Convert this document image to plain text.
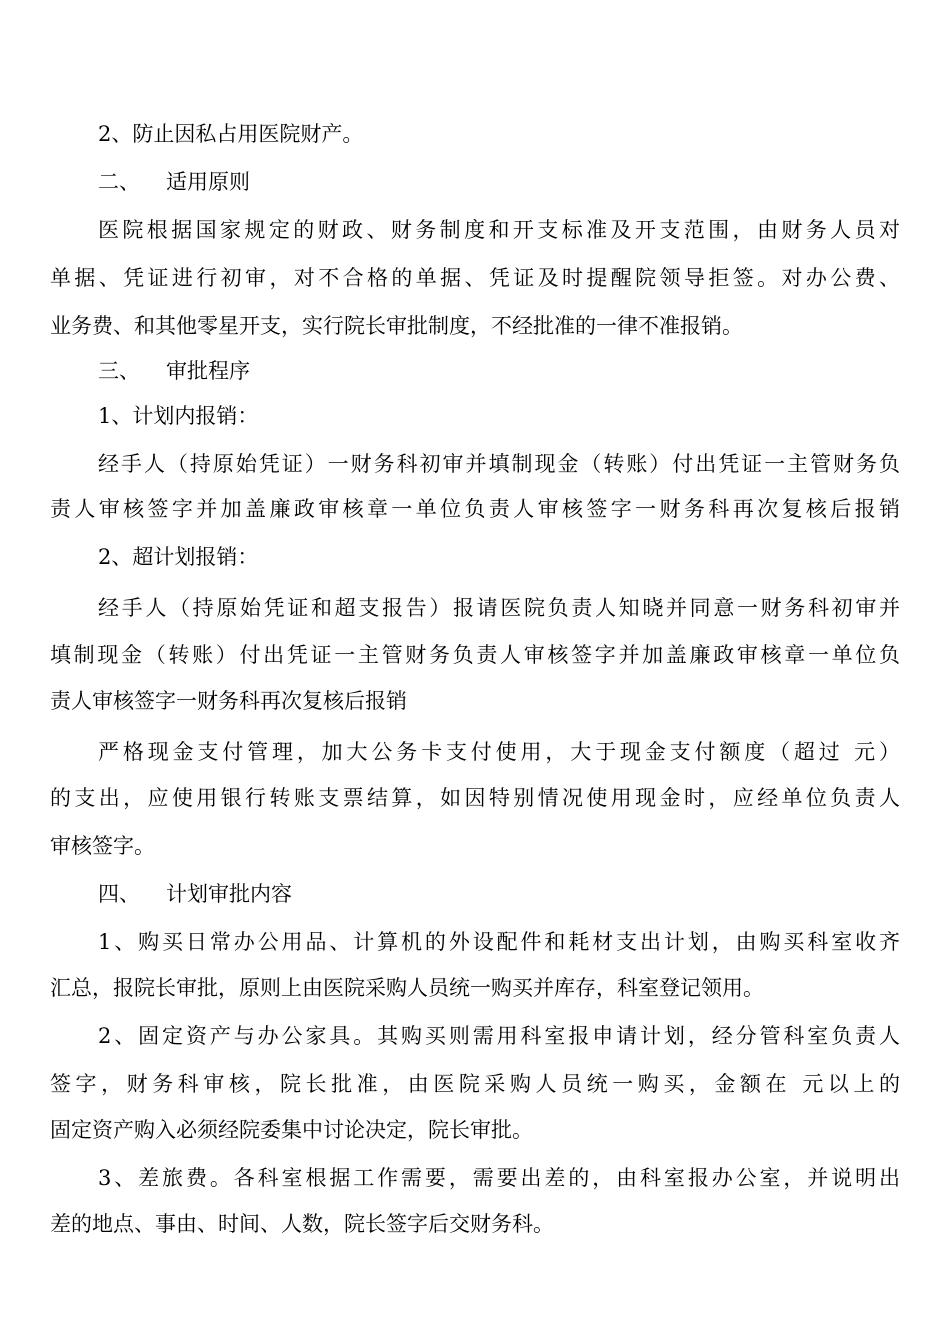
2、防止因私占用医院财产。
二、 适用原则
医院根据国家规定的财政、财务制度和开支标准及开支范围，由财务人员对
单据、凭证进行初审，对不合格的单据、凭证及时提醒院领导拒签。对办公费、
业务费、和其他零星开支，实行院长审批制度，不经批准的一律不准报销。
三、 审批程序
1、计划内报销：
经手人（持原始凭证）一财务科初审并填制现金（转账）付出凭证一主管财务负
责人审核签字并加盖廉政审核章一单位负责人审核签字一财务科再次复核后报销
2、超计划报销：
经手人（持原始凭证和超支报告）报请医院负责人知晓并同意一财务科初审并
填制现金（转账）付出凭证一主管财务负责人审核签字并加盖廉政审核章一单位负
责人审核签字一财务科再次复核后报销
严格现金支付管理，加大公务卡支付使用，大于现金支付额度（超过 元）
的支出，应使用银行转账支票结算，如因特别情况使用现金时，应经单位负责人
审核签字。
四、 计划审批内容
1、购买日常办公用品、计算机的外设配件和耗材支出计划，由购买科室收齐
汇总，报院长审批，原则上由医院采购人员统一购买并库存，科室登记领用。
2、固定资产与办公家具。其购买则需用科室报申请计划，经分管科室负责人
签字，财务科审核，院长批准，由医院采购人员统一购买，金额在 元以上的
固定资产购入必须经院委集中讨论决定，院长审批。
3、差旅费。各科室根据工作需要，需要出差的，由科室报办公室，并说明出
差的地点、事由、时间、人数，院长签字后交财务科。
